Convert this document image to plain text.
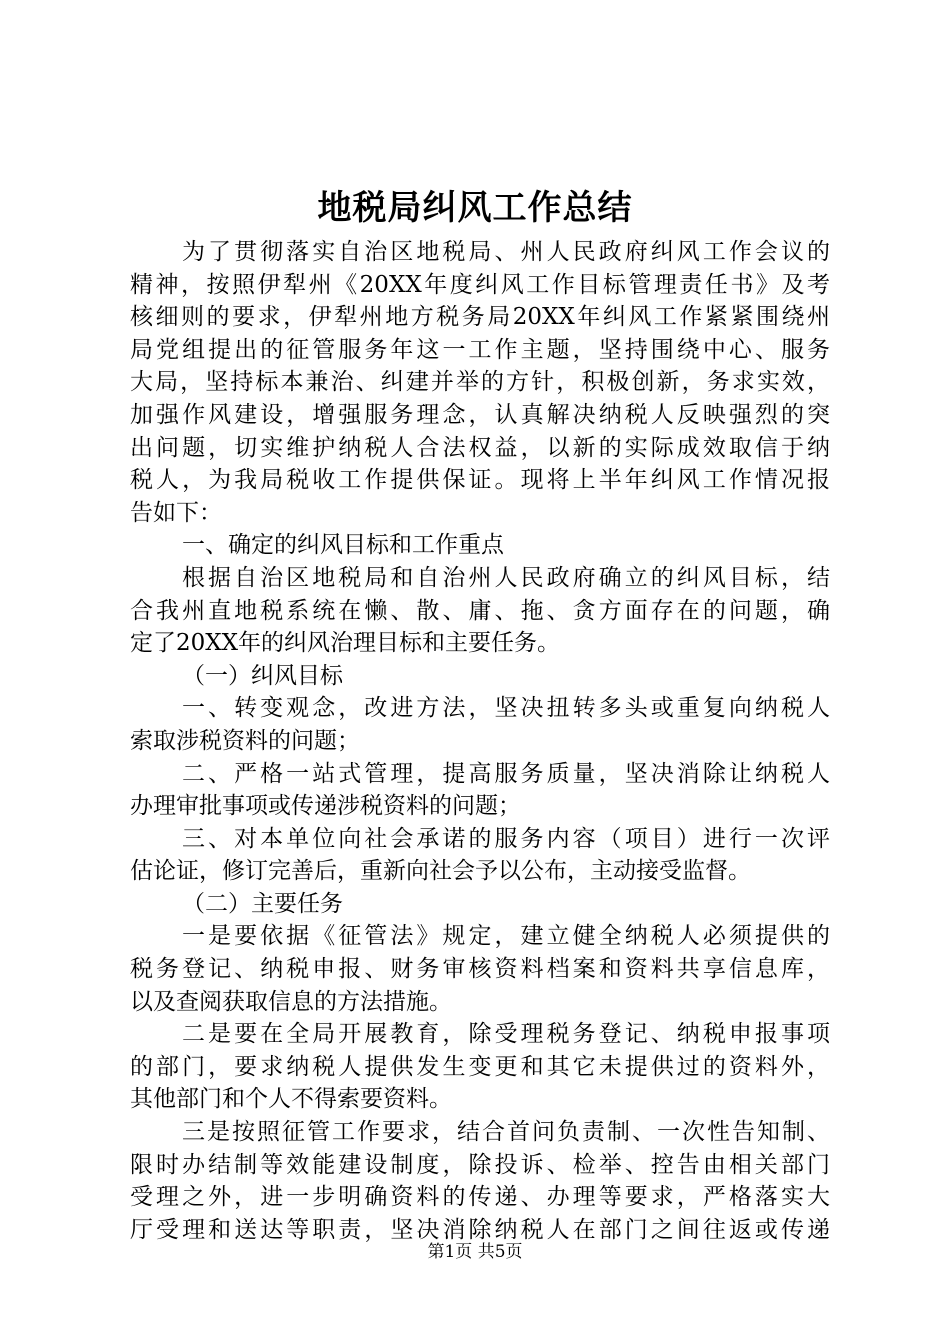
地税局纠风工作总结
为了贯彻落实自治区地税局、州人民政府纠风工作会议的
精神，按照伊犁州《20XX年度纠风工作目标管理责任书》及考
核细则的要求，伊犁州地方税务局20XX年纠风工作紧紧围绕州
局党组提出的征管服务年这一工作主题，坚持围绕中心、服务
大局，坚持标本兼治、纠建并举的方针，积极创新，务求实效，
加强作风建设，增强服务理念，认真解决纳税人反映强烈的突
出问题，切实维护纳税人合法权益，以新的实际成效取信于纳
税人，为我局税收工作提供保证。现将上半年纠风工作情况报
告如下：
一、确定的纠风目标和工作重点
根据自治区地税局和自治州人民政府确立的纠风目标，结
合我州直地税系统在懒、散、庸、拖、贪方面存在的问题，确
定了20XX年的纠风治理目标和主要任务。
（一）纠风目标
一、转变观念，改进方法，坚决扭转多头或重复向纳税人
索取涉税资料的问题；
二、严格一站式管理，提高服务质量，坚决消除让纳税人
办理审批事项或传递涉税资料的问题；
三、对本单位向社会承诺的服务内容（项目）进行一次评
估论证，修订完善后，重新向社会予以公布，主动接受监督。
（二）主要任务
一是要依据《征管法》规定，建立健全纳税人必须提供的
税务登记、纳税申报、财务审核资料档案和资料共享信息库，
以及查阅获取信息的方法措施。
二是要在全局开展教育，除受理税务登记、纳税申报事项
的部门，要求纳税人提供发生变更和其它未提供过的资料外，
其他部门和个人不得索要资料。
三是按照征管工作要求，结合首问负责制、一次性告知制、
限时办结制等效能建设制度，除投诉、检举、控告由相关部门
受理之外，进一步明确资料的传递、办理等要求，严格落实大
厅受理和送达等职责，坚决消除纳税人在部门之间往返或传递
第1页 共5页
